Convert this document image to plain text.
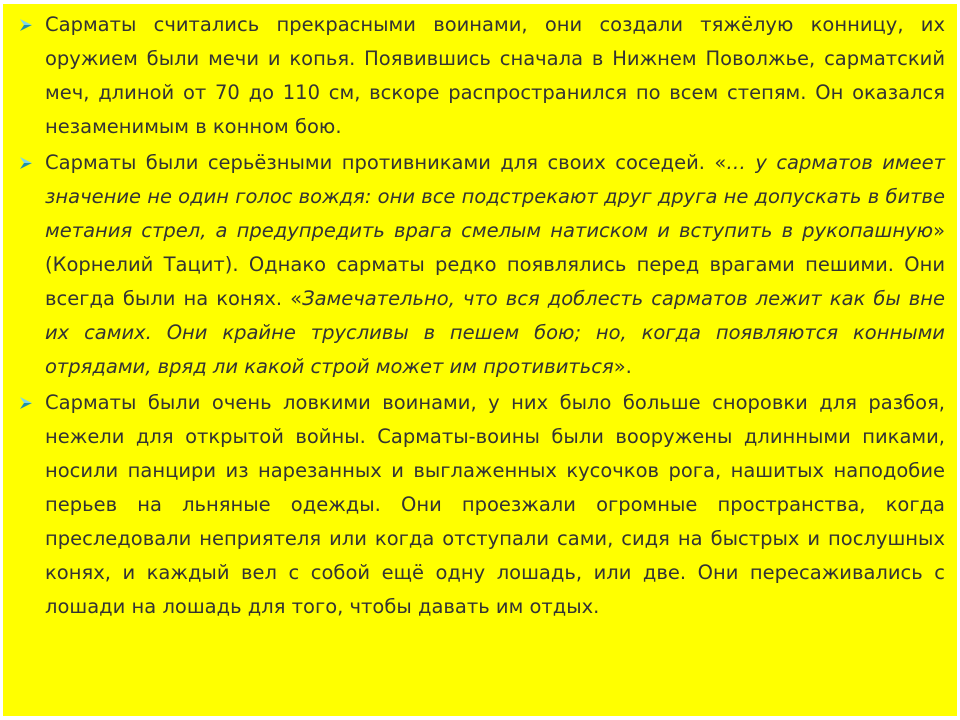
Сарматы считались прекрасными воинами, они создали тяжёлую конницу, их оружием были мечи и копья. Появившись сначала в Нижнем Поволжье, сарматский меч, длиной от 70 до 110 см, вскоре распространился по всем степям. Он оказался незаменимым в конном бою.
Сарматы были серьёзными противниками для своих соседей. «… у сарматов имеет значение не один голос вождя: они все подстрекают друг друга не допускать в битве метания стрел, а предупредить врага смелым натиском и вступить в рукопашную» (Корнелий Тацит). Однако сарматы редко появлялись перед врагами пешими. Они всегда были на конях. «Замечательно, что вся доблесть сарматов лежит как бы вне их самих. Они крайне трусливы в пешем бою; но, когда появляются конными отрядами, вряд ли какой строй может им противиться».
Сарматы были очень ловкими воинами, у них было больше сноровки для разбоя, нежели для открытой войны. Сарматы-воины были вооружены длинными пиками, носили панцири из нарезанных и выглаженных кусочков рога, нашитых наподобие перьев на льняные одежды. Они проезжали огромные пространства, когда преследовали неприятеля или когда отступали сами, сидя на быстрых и послушных конях, и каждый вел с собой ещё одну лошадь, или две. Они пересаживались с лошади на лошадь для того, чтобы давать им отдых.
